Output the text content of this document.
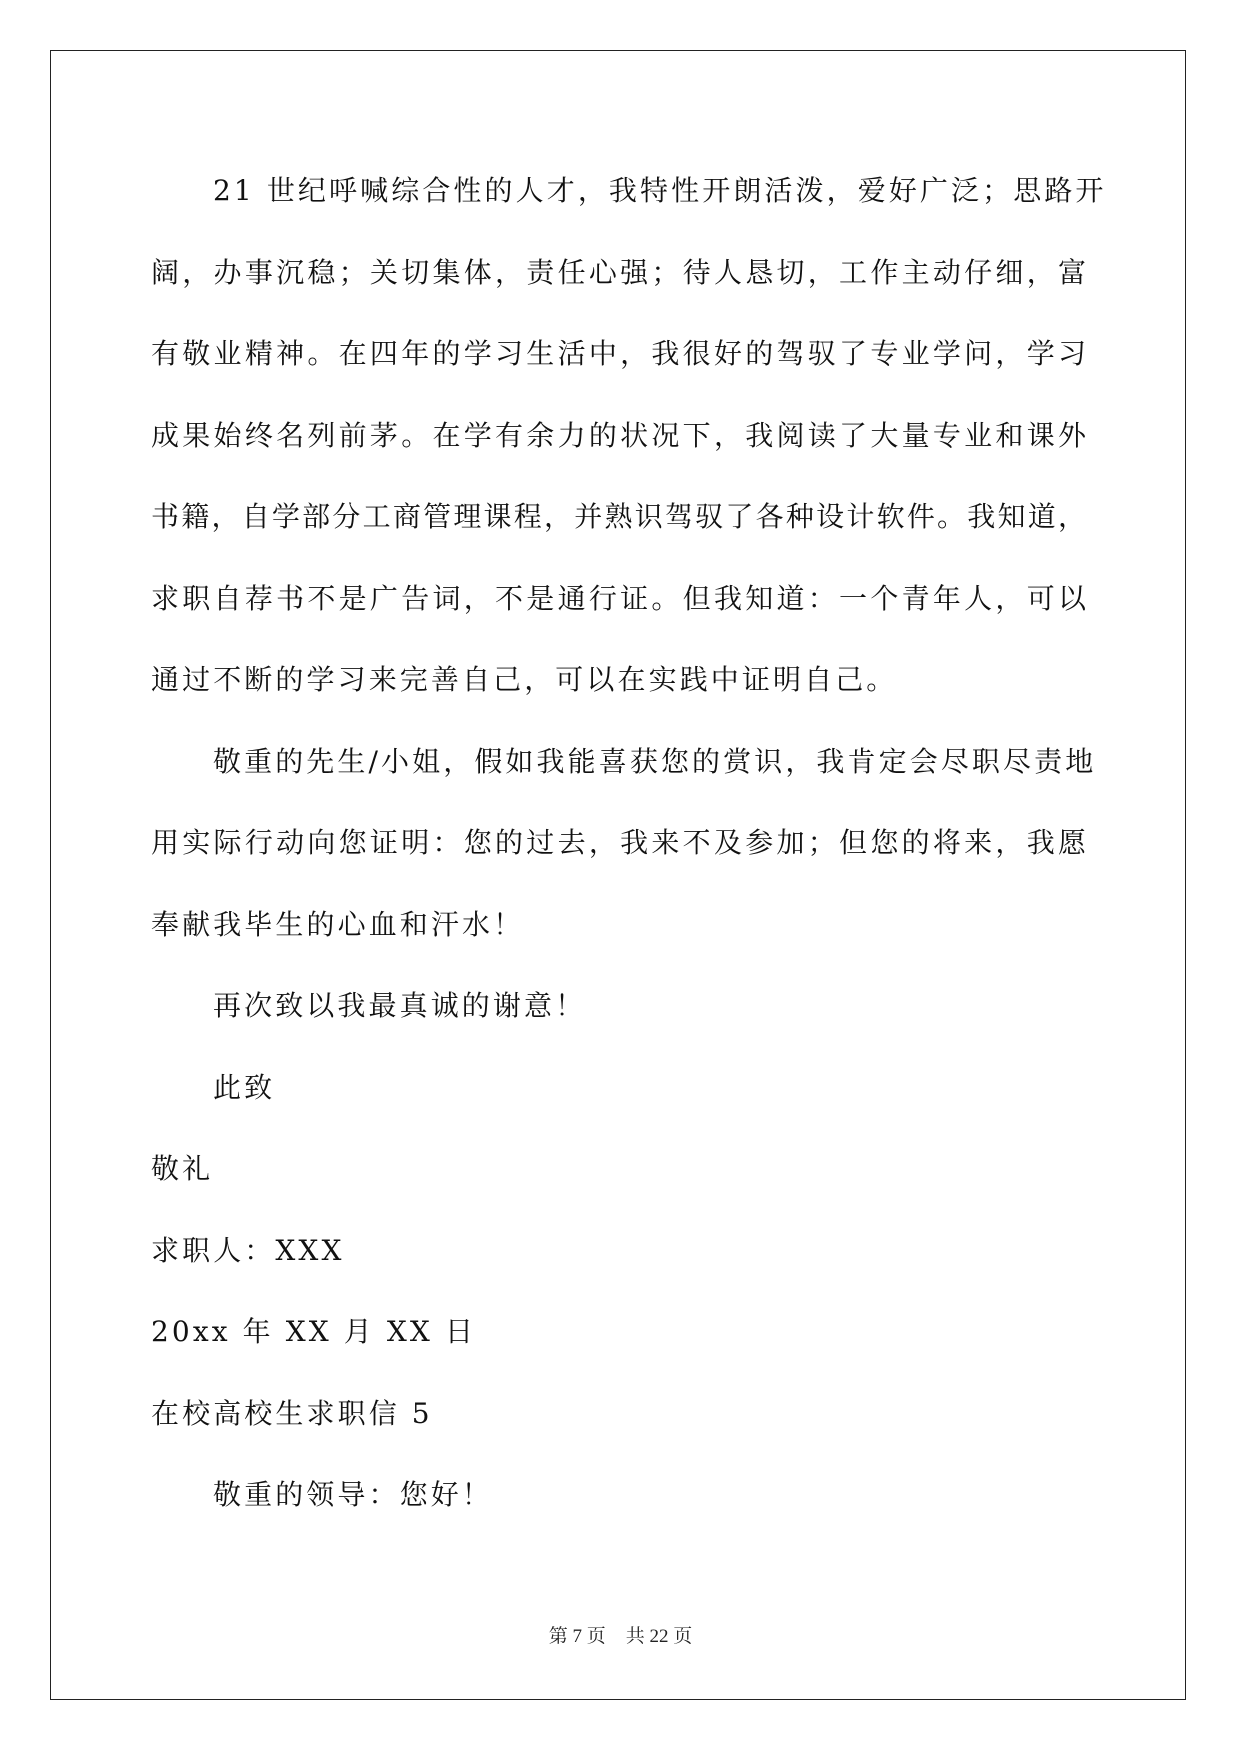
21 世纪呼喊综合性的人才，我特性开朗活泼，爱好广泛；思路开
阔，办事沉稳；关切集体，责任心强；待人恳切，工作主动仔细，富
有敬业精神。在四年的学习生活中，我很好的驾驭了专业学问，学习
成果始终名列前茅。在学有余力的状况下，我阅读了大量专业和课外
书籍，自学部分工商管理课程，并熟识驾驭了各种设计软件。我知道，
求职自荐书不是广告词，不是通行证。但我知道：一个青年人，可以
通过不断的学习来完善自己，可以在实践中证明自己。
敬重的先生/小姐，假如我能喜获您的赏识，我肯定会尽职尽责地
用实际行动向您证明：您的过去，我来不及参加；但您的将来，我愿
奉献我毕生的心血和汗水！
再次致以我最真诚的谢意！
此致
敬礼
求职人：XXX
20xx 年 XX 月 XX 日
在校高校生求职信 5
敬重的领导：您好！
第 7 页 共 22 页
